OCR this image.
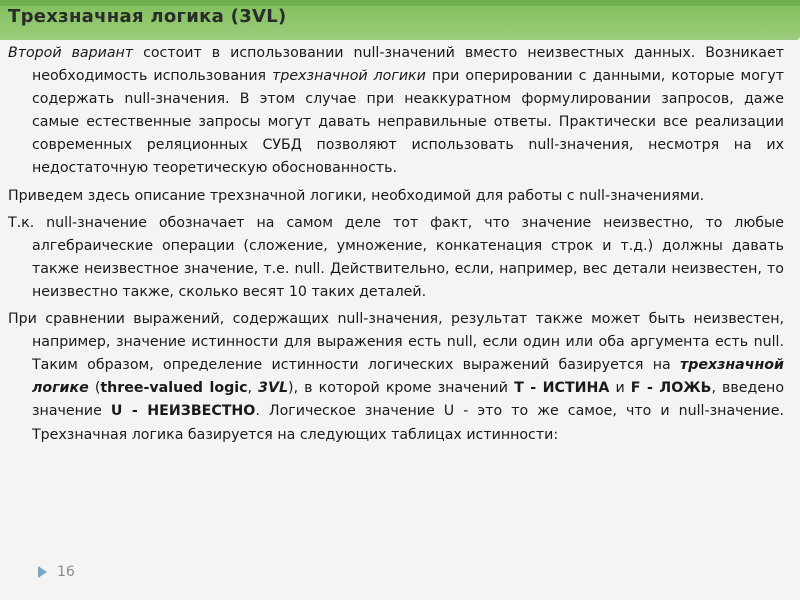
Трехзначная логика (3VL)

Второй вариант состоит в использовании null-значений вместо неизвестных данных. Возникает необходимость использования трехзначной логики при оперировании с данными, которые могут содержать null-значения. В этом случае при неаккуратном формулировании запросов, даже самые естественные запросы могут давать неправильные ответы. Практически все реализации современных реляционных СУБД позволяют использовать null-значения, несмотря на их недостаточную теоретическую обоснованность.

Приведем здесь описание трехзначной логики, необходимой для работы с null-значениями.

Т.к. null-значение обозначает на самом деле тот факт, что значение неизвестно, то любые алгебраические операции (сложение, умножение, конкатенация строк и т.д.) должны давать также неизвестное значение, т.е. null. Действительно, если, например, вес детали неизвестен, то неизвестно также, сколько весят 10 таких деталей.

При сравнении выражений, содержащих null-значения, результат также может быть неизвестен, например, значение истинности для выражения есть null, если один или оба аргумента есть null. Таким образом, определение истинности логических выражений базируется на трехзначной логике (three-valued logic, 3VL), в которой кроме значений T - ИСТИНА и F - ЛОЖЬ, введено значение U - НЕИЗВЕСТНО. Логическое значение U - это то же самое, что и null-значение. Трехзначная логика базируется на следующих таблицах истинности:

16
